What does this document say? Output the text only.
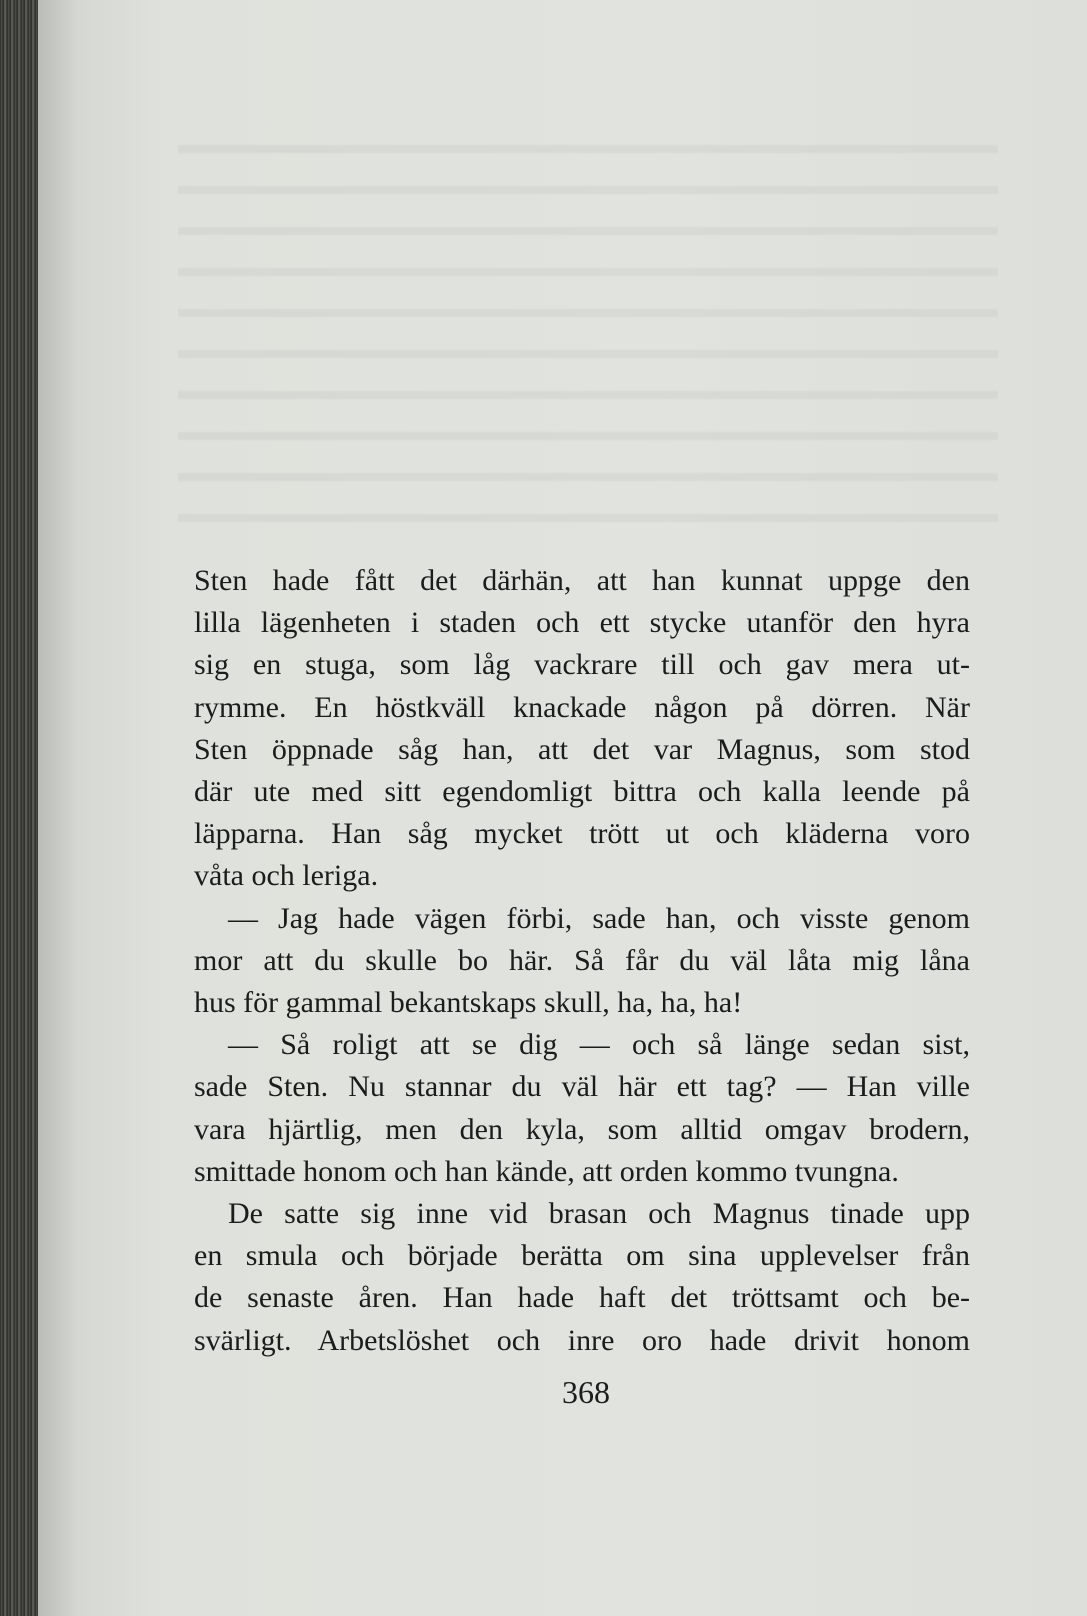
Sten hade fått det därhän, att han kunnat uppge den
lilla lägenheten i staden och ett stycke utanför den hyra
sig en stuga, som låg vackrare till och gav mera ut-
rymme. En höstkväll knackade någon på dörren. När
Sten öppnade såg han, att det var Magnus, som stod
där ute med sitt egendomligt bittra och kalla leende på
läpparna. Han såg mycket trött ut och kläderna voro
våta och leriga.
— Jag hade vägen förbi, sade han, och visste genom
mor att du skulle bo här. Så får du väl låta mig låna
hus för gammal bekantskaps skull, ha, ha, ha!
— Så roligt att se dig — och så länge sedan sist,
sade Sten. Nu stannar du väl här ett tag? — Han ville
vara hjärtlig, men den kyla, som alltid omgav brodern,
smittade honom och han kände, att orden kommo tvungna.
De satte sig inne vid brasan och Magnus tinade upp
en smula och började berätta om sina upplevelser från
de senaste åren. Han hade haft det tröttsamt och be-
svärligt. Arbetslöshet och inre oro hade drivit honom
368
